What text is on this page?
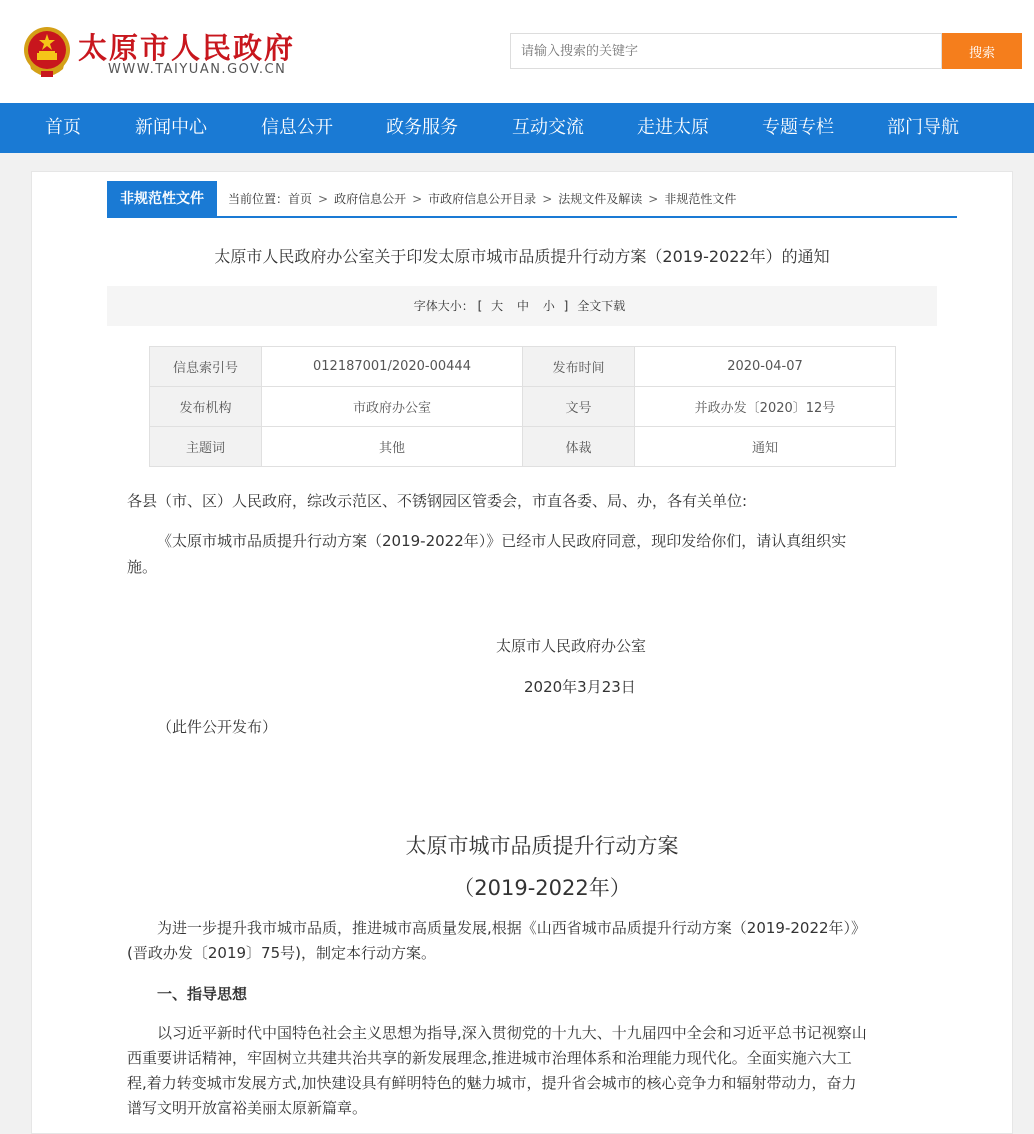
太原市人民政府
WWW.TAIYUAN.GOV.CN
请输入搜索的关键字
搜索
首页	新闻中心	信息公开	政务服务	互动交流	走进太原	专题专栏	部门导航
非规范性文件	当前位置：首页 > 政府信息公开 > 市政府信息公开目录 > 法规文件及解读 > 非规范性文件
太原市人民政府办公室关于印发太原市城市品质提升行动方案（2019-2022年）的通知
字体大小： [ 大 中 小 ] 全文下载
信息索引号	012187001/2020-00444	发布时间	2020-04-07
发布机构	市政府办公室	文号	并政办发〔2020〕12号
主题词	其他	体裁	通知
各县（市、区）人民政府，综改示范区、不锈钢园区管委会，市直各委、局、办，各有关单位:
《太原市城市品质提升行动方案（2019-2022年）》已经市人民政府同意，现印发给你们，请认真组织实
施。
太原市人民政府办公室
2020年3月23日
（此件公开发布）
太原市城市品质提升行动方案
（2019-2022年）
为进一步提升我市城市品质，推进城市高质量发展,根据《山西省城市品质提升行动方案（2019-2022年）》
(晋政办发〔2019〕75号)，制定本行动方案。
一、指导思想
以习近平新时代中国特色社会主义思想为指导,深入贯彻党的十九大、十九届四中全会和习近平总书记视察山
西重要讲话精神，牢固树立共建共治共享的新发展理念,推进城市治理体系和治理能力现代化。全面实施六大工
程,着力转变城市发展方式,加快建设具有鲜明特色的魅力城市，提升省会城市的核心竞争力和辐射带动力，奋力
谱写文明开放富裕美丽太原新篇章。
